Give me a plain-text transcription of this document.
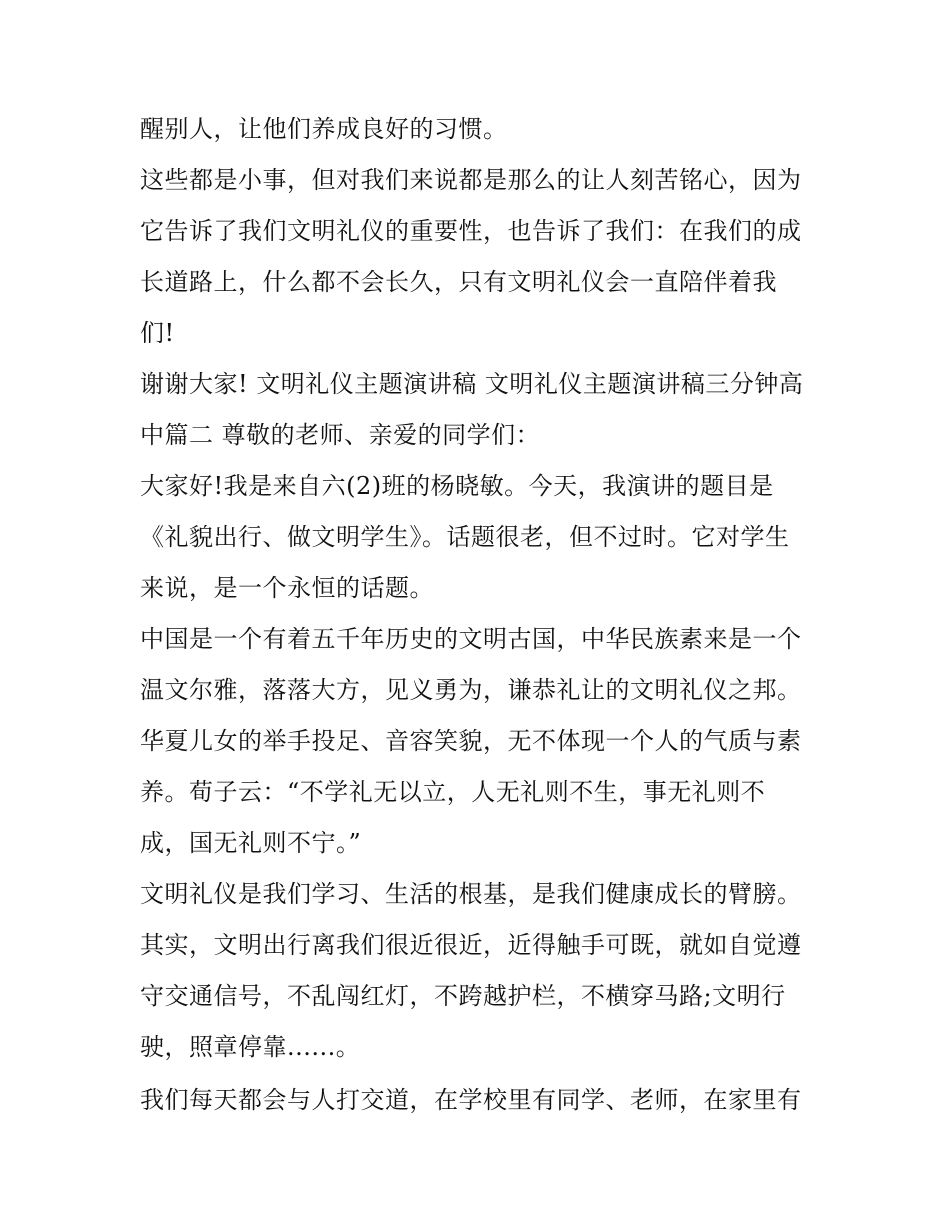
醒别人，让他们养成良好的习惯。
这些都是小事，但对我们来说都是那么的让人刻苦铭心，因为
它告诉了我们文明礼仪的重要性，也告诉了我们：在我们的成
长道路上，什么都不会长久，只有文明礼仪会一直陪伴着我
们!
谢谢大家! 文明礼仪主题演讲稿 文明礼仪主题演讲稿三分钟高
中篇二 尊敬的老师、亲爱的同学们：
大家好!我是来自六(2)班的杨晓敏。今天，我演讲的题目是
《礼貌出行、做文明学生》。话题很老，但不过时。它对学生
来说，是一个永恒的话题。
中国是一个有着五千年历史的文明古国，中华民族素来是一个
温文尔雅，落落大方，见义勇为，谦恭礼让的文明礼仪之邦。
华夏儿女的举手投足、音容笑貌，无不体现一个人的气质与素
养。荀子云：“不学礼无以立，人无礼则不生，事无礼则不
成，国无礼则不宁。”
文明礼仪是我们学习、生活的根基，是我们健康成长的臂膀。
其实，文明出行离我们很近很近，近得触手可既，就如自觉遵
守交通信号，不乱闯红灯，不跨越护栏，不横穿马路;文明行
驶，照章停靠......。
我们每天都会与人打交道，在学校里有同学、老师，在家里有
